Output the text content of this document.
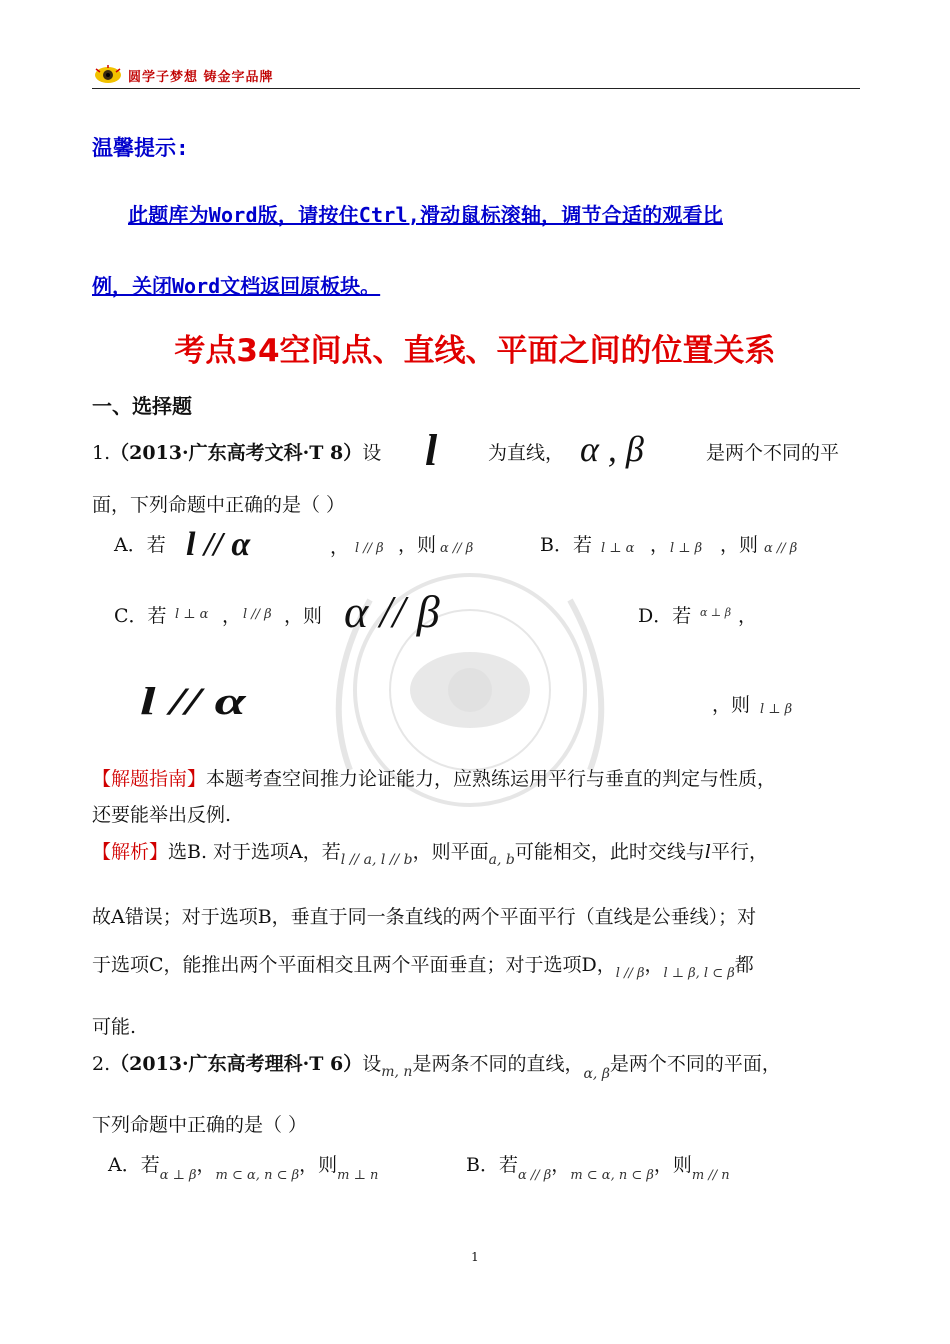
圆学子梦想 铸金字品牌
温馨提示:
此题库为Word版，请按住Ctrl,滑动鼠标滚轴，调节合适的观看比
例，关闭Word文档返回原板块。
考点34空间点、直线、平面之间的位置关系
一、选择题
1.（2013·广东高考文科·T 8）设 l	为直线， α , β	是两个不同的平
面，下列命题中正确的是（ ）
A．若 l // α	， l // β ，则 α // β	B．若 l ⊥ α ， l ⊥ β ，则 α // β
C．若 l ⊥ α ， l // β ，则 α // β	D．若 α ⊥ β ，
l // α	，则 l ⊥ β
【解题指南】本题考查空间推力论证能力，应熟练运用平行与垂直的判定与性质，
还要能举出反例.
【解析】选B. 对于选项A，若$_{l // a, l // b}$，则平面$_{a, b}$可能相交，此时交线与l平行，
故A错误；对于选项B，垂直于同一条直线的两个平面平行（直线是公垂线）；对
于选项C，能推出两个平面相交且两个平面垂直；对于选项D，$_{l // \beta}$，$_{l \perp \beta, l \subset \beta}$都
可能.
2.（2013·广东高考理科·T 6）设$_{m, n}$是两条不同的直线，$_{\alpha, \beta}$是两个不同的平面，
下列命题中正确的是（ ）
A．若$_{\alpha \perp \beta}$，$_{m \subset \alpha, n \subset \beta}$，则$_{m \perp n}$	B．若$_{\alpha // \beta}$，$_{m \subset \alpha, n \subset \beta}$，则$_{m // n}$
1
